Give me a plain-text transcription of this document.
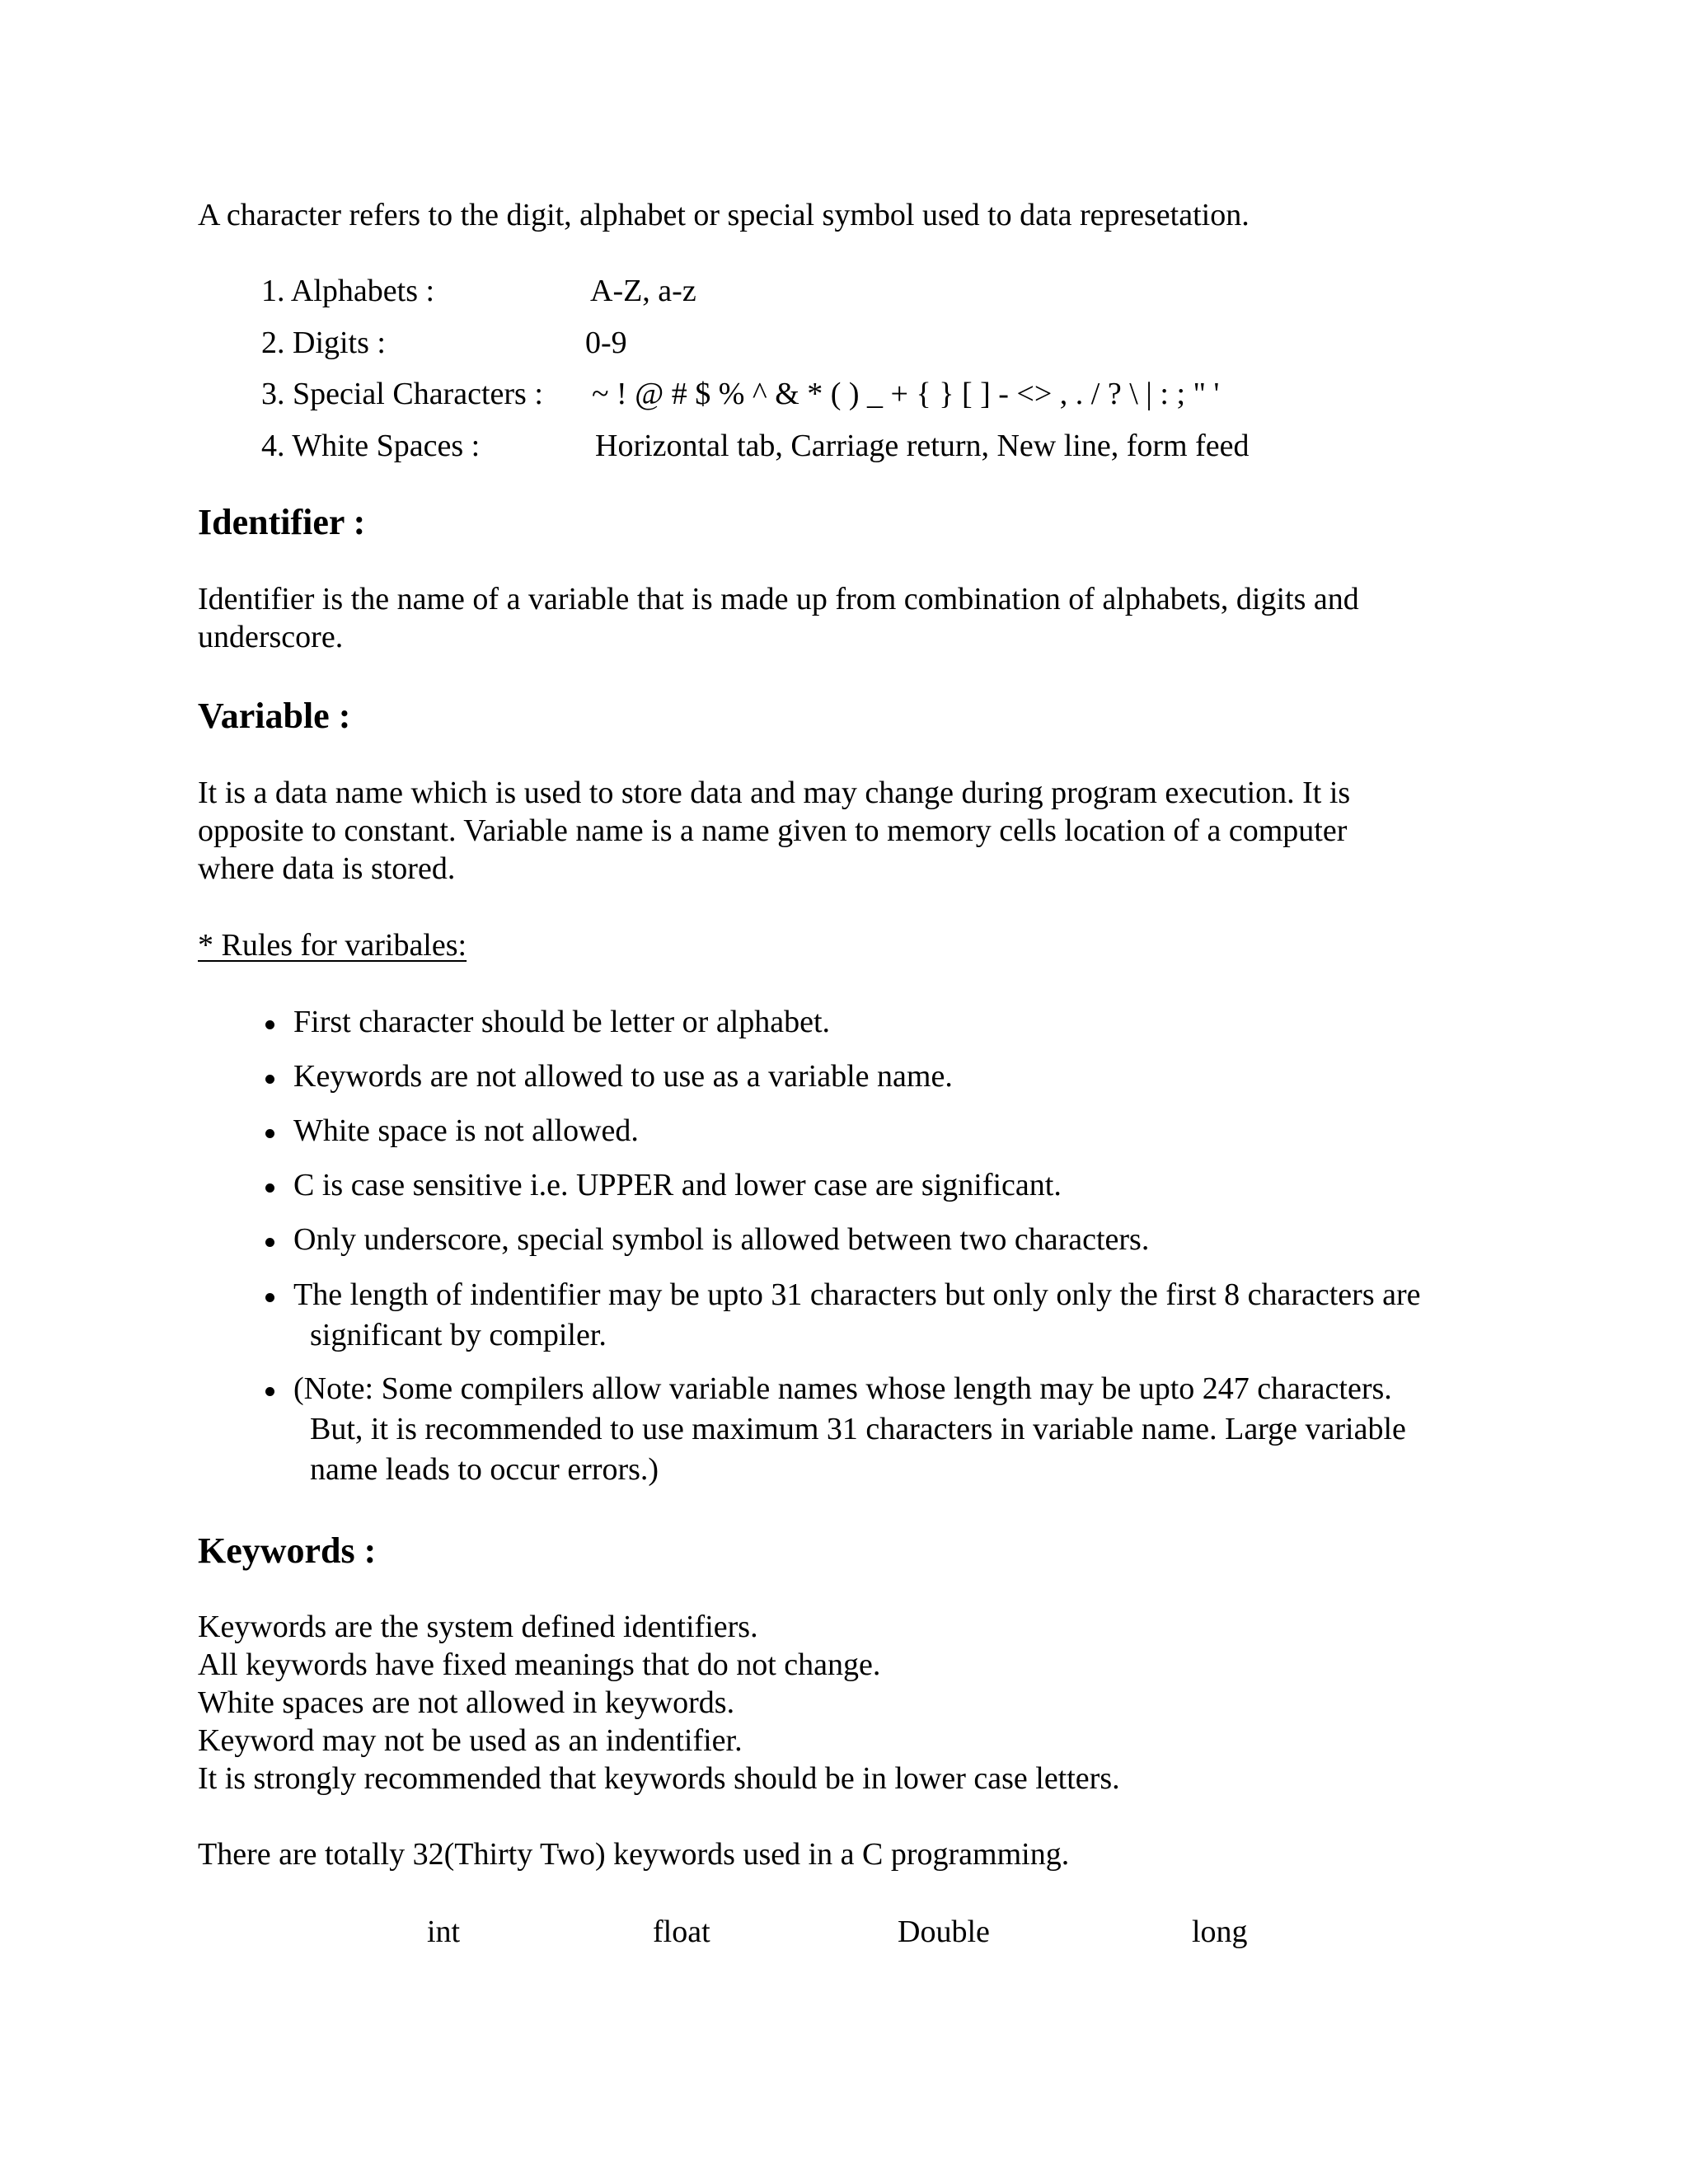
A character refers to the digit, alphabet or special symbol used to data represetation.
1. Alphabets :	A-Z, a-z
2. Digits :	0-9
3. Special Characters : ~ ! @ # $ % ^ & * ( ) _ + { } [ ] - <> , . / ? \ | : ; " '
4. White Spaces :	Horizontal tab, Carriage return, New line, form feed
Identifier :
Identifier is the name of a variable that is made up from combination of alphabets, digits and
underscore.
Variable :
It is a data name which is used to store data and may change during program execution. It is
opposite to constant. Variable name is a name given to memory cells location of a computer
where data is stored.
* Rules for varibales:
First character should be letter or alphabet.
Keywords are not allowed to use as a variable name.
White space is not allowed.
C is case sensitive i.e. UPPER and lower case are significant.
Only underscore, special symbol is allowed between two characters.
The length of indentifier may be upto 31 characters but only only the first 8 characters are
significant by compiler.
(Note: Some compilers allow variable names whose length may be upto 247 characters.
But, it is recommended to use maximum 31 characters in variable name. Large variable
name leads to occur errors.)
Keywords :
Keywords are the system defined identifiers.
All keywords have fixed meanings that do not change.
White spaces are not allowed in keywords.
Keyword may not be used as an indentifier.
It is strongly recommended that keywords should be in lower case letters.
There are totally 32(Thirty Two) keywords used in a C programming.
int	float	Double	long
